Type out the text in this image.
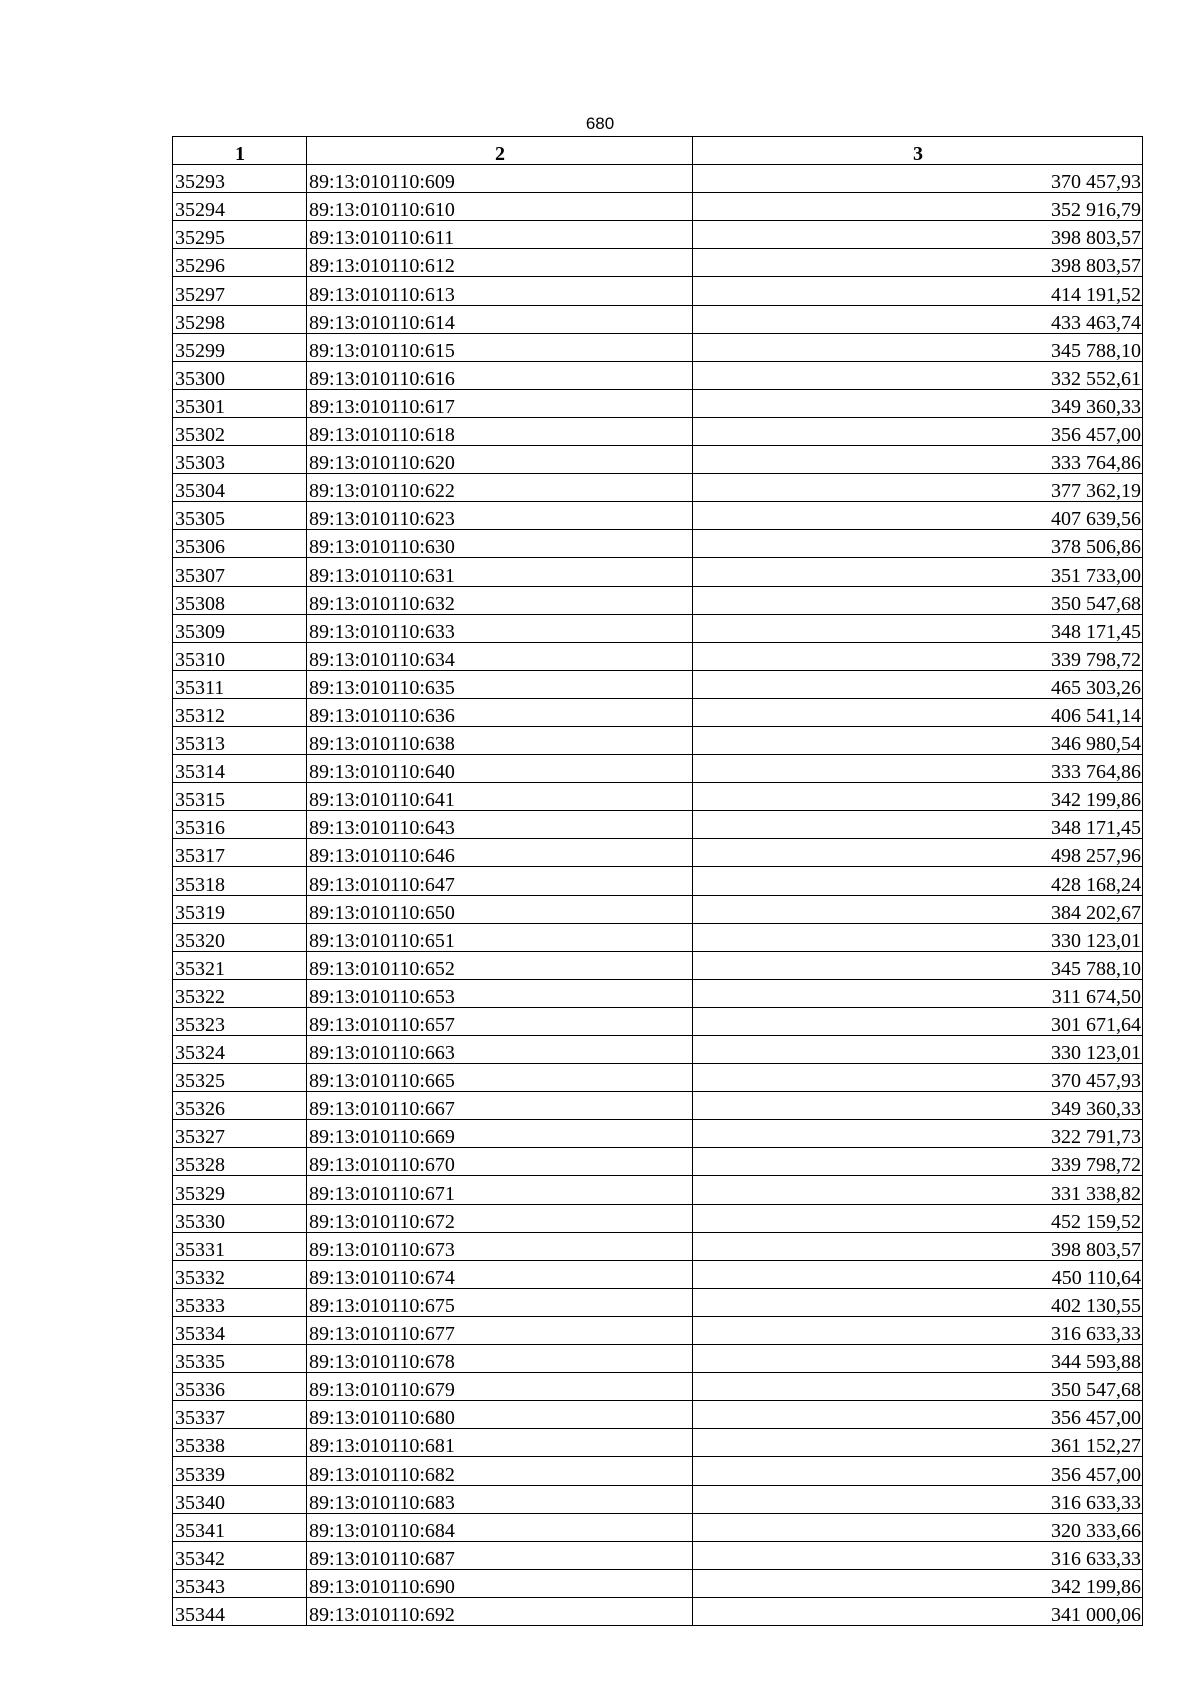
680
1	2	3
35293	89:13:010110:609	370 457,93
35294	89:13:010110:610	352 916,79
35295	89:13:010110:611	398 803,57
35296	89:13:010110:612	398 803,57
35297	89:13:010110:613	414 191,52
35298	89:13:010110:614	433 463,74
35299	89:13:010110:615	345 788,10
35300	89:13:010110:616	332 552,61
35301	89:13:010110:617	349 360,33
35302	89:13:010110:618	356 457,00
35303	89:13:010110:620	333 764,86
35304	89:13:010110:622	377 362,19
35305	89:13:010110:623	407 639,56
35306	89:13:010110:630	378 506,86
35307	89:13:010110:631	351 733,00
35308	89:13:010110:632	350 547,68
35309	89:13:010110:633	348 171,45
35310	89:13:010110:634	339 798,72
35311	89:13:010110:635	465 303,26
35312	89:13:010110:636	406 541,14
35313	89:13:010110:638	346 980,54
35314	89:13:010110:640	333 764,86
35315	89:13:010110:641	342 199,86
35316	89:13:010110:643	348 171,45
35317	89:13:010110:646	498 257,96
35318	89:13:010110:647	428 168,24
35319	89:13:010110:650	384 202,67
35320	89:13:010110:651	330 123,01
35321	89:13:010110:652	345 788,10
35322	89:13:010110:653	311 674,50
35323	89:13:010110:657	301 671,64
35324	89:13:010110:663	330 123,01
35325	89:13:010110:665	370 457,93
35326	89:13:010110:667	349 360,33
35327	89:13:010110:669	322 791,73
35328	89:13:010110:670	339 798,72
35329	89:13:010110:671	331 338,82
35330	89:13:010110:672	452 159,52
35331	89:13:010110:673	398 803,57
35332	89:13:010110:674	450 110,64
35333	89:13:010110:675	402 130,55
35334	89:13:010110:677	316 633,33
35335	89:13:010110:678	344 593,88
35336	89:13:010110:679	350 547,68
35337	89:13:010110:680	356 457,00
35338	89:13:010110:681	361 152,27
35339	89:13:010110:682	356 457,00
35340	89:13:010110:683	316 633,33
35341	89:13:010110:684	320 333,66
35342	89:13:010110:687	316 633,33
35343	89:13:010110:690	342 199,86
35344	89:13:010110:692	341 000,06
